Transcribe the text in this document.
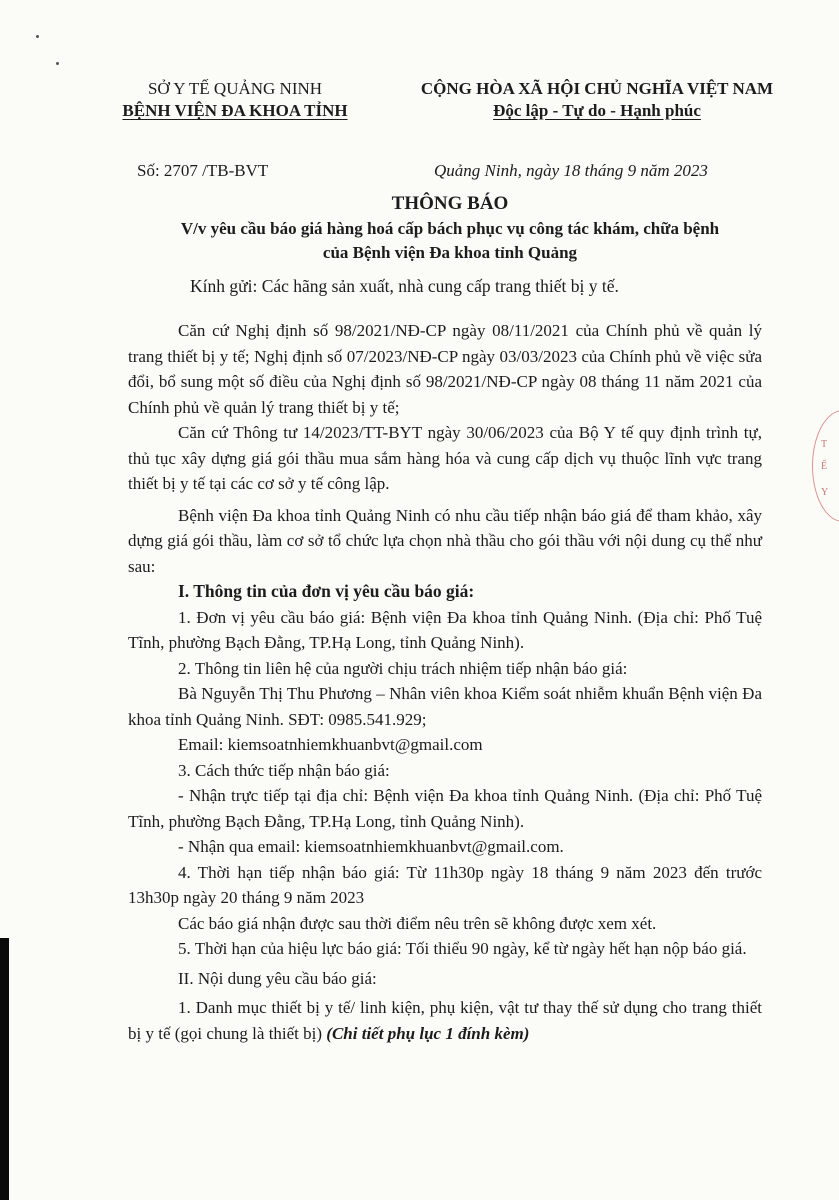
T
Ế
Y
SỞ Y TẾ QUẢNG NINH
BỆNH VIỆN ĐA KHOA TỈNH
Số: 2707 /TB-BVT
CỘNG HÒA XÃ HỘI CHỦ NGHĨA VIỆT NAM
Độc lập - Tự do - Hạnh phúc
Quảng Ninh, ngày 18 tháng 9 năm 2023
THÔNG BÁO
V/v yêu cầu báo giá hàng hoá cấp bách phục vụ công tác khám, chữa bệnh
của Bệnh viện Đa khoa tỉnh Quảng
Kính gửi: Các hãng sản xuất, nhà cung cấp trang thiết bị y tế.
Căn cứ Nghị định số 98/2021/NĐ-CP ngày 08/11/2021 của Chính phủ về quản lý trang thiết bị y tế; Nghị định số 07/2023/NĐ-CP ngày 03/03/2023 của Chính phủ về việc sửa đổi, bổ sung một số điều của Nghị định số 98/2021/NĐ-CP ngày 08 tháng 11 năm 2021 của Chính phủ về quản lý trang thiết bị y tế;
Căn cứ Thông tư 14/2023/TT-BYT ngày 30/06/2023 của Bộ Y tế quy định trình tự, thủ tục xây dựng giá gói thầu mua sắm hàng hóa và cung cấp dịch vụ thuộc lĩnh vực trang thiết bị y tế tại các cơ sở y tế công lập.
Bệnh viện Đa khoa tỉnh Quảng Ninh có nhu cầu tiếp nhận báo giá để tham khảo, xây dựng giá gói thầu, làm cơ sở tổ chức lựa chọn nhà thầu cho gói thầu với nội dung cụ thể như sau:
I. Thông tin của đơn vị yêu cầu báo giá:
1. Đơn vị yêu cầu báo giá: Bệnh viện Đa khoa tỉnh Quảng Ninh. (Địa chỉ: Phố Tuệ Tĩnh, phường Bạch Đằng, TP.Hạ Long, tỉnh Quảng Ninh).
2. Thông tin liên hệ của người chịu trách nhiệm tiếp nhận báo giá:
Bà Nguyễn Thị Thu Phương – Nhân viên khoa Kiểm soát nhiễm khuẩn Bệnh viện Đa khoa tỉnh Quảng Ninh. SĐT: 0985.541.929;
Email: kiemsoatnhiemkhuanbvt@gmail.com
3. Cách thức tiếp nhận báo giá:
- Nhận trực tiếp tại địa chỉ: Bệnh viện Đa khoa tỉnh Quảng Ninh. (Địa chỉ: Phố Tuệ Tĩnh, phường Bạch Đằng, TP.Hạ Long, tỉnh Quảng Ninh).
- Nhận qua email: kiemsoatnhiemkhuanbvt@gmail.com.
4. Thời hạn tiếp nhận báo giá: Từ 11h30p ngày 18 tháng 9 năm 2023 đến trước 13h30p ngày 20 tháng 9 năm 2023
Các báo giá nhận được sau thời điểm nêu trên sẽ không được xem xét.
5. Thời hạn của hiệu lực báo giá: Tối thiểu 90 ngày, kể từ ngày hết hạn nộp báo giá.
II. Nội dung yêu cầu báo giá:
1. Danh mục thiết bị y tế/ linh kiện, phụ kiện, vật tư thay thế sử dụng cho trang thiết bị y tế (gọi chung là thiết bị) (Chi tiết phụ lục 1 đính kèm)
